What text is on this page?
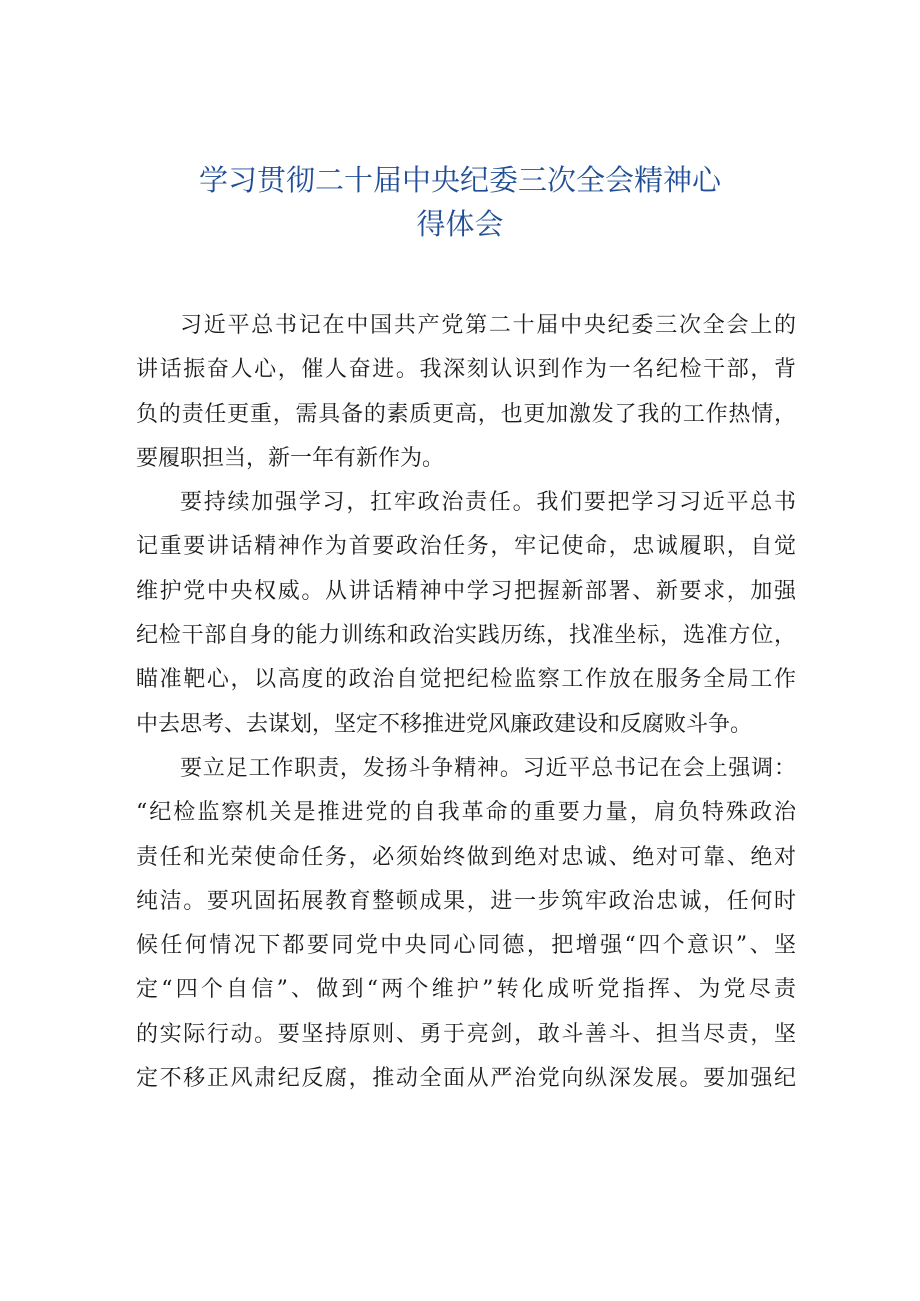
学习贯彻二十届中央纪委三次全会精神心
得体会

习近平总书记在中国共产党第二十届中央纪委三次全会上的
讲话振奋人心，催人奋进。我深刻认识到作为一名纪检干部，背
负的责任更重，需具备的素质更高，也更加激发了我的工作热情，
要履职担当，新一年有新作为。

要持续加强学习，扛牢政治责任。我们要把学习习近平总书
记重要讲话精神作为首要政治任务，牢记使命，忠诚履职，自觉
维护党中央权威。从讲话精神中学习把握新部署、新要求，加强
纪检干部自身的能力训练和政治实践历练，找准坐标，选准方位，
瞄准靶心，以高度的政治自觉把纪检监察工作放在服务全局工作
中去思考、去谋划，坚定不移推进党风廉政建设和反腐败斗争。

要立足工作职责，发扬斗争精神。习近平总书记在会上强调：
“纪检监察机关是推进党的自我革命的重要力量，肩负特殊政治
责任和光荣使命任务，必须始终做到绝对忠诚、绝对可靠、绝对
纯洁。要巩固拓展教育整顿成果，进一步筑牢政治忠诚，任何时
候任何情况下都要同党中央同心同德，把增强“四个意识”、坚
定“四个自信”、做到“两个维护”转化成听党指挥、为党尽责
的实际行动。要坚持原则、勇于亮剑，敢斗善斗、担当尽责，坚
定不移正风肃纪反腐，推动全面从严治党向纵深发展。要加强纪
